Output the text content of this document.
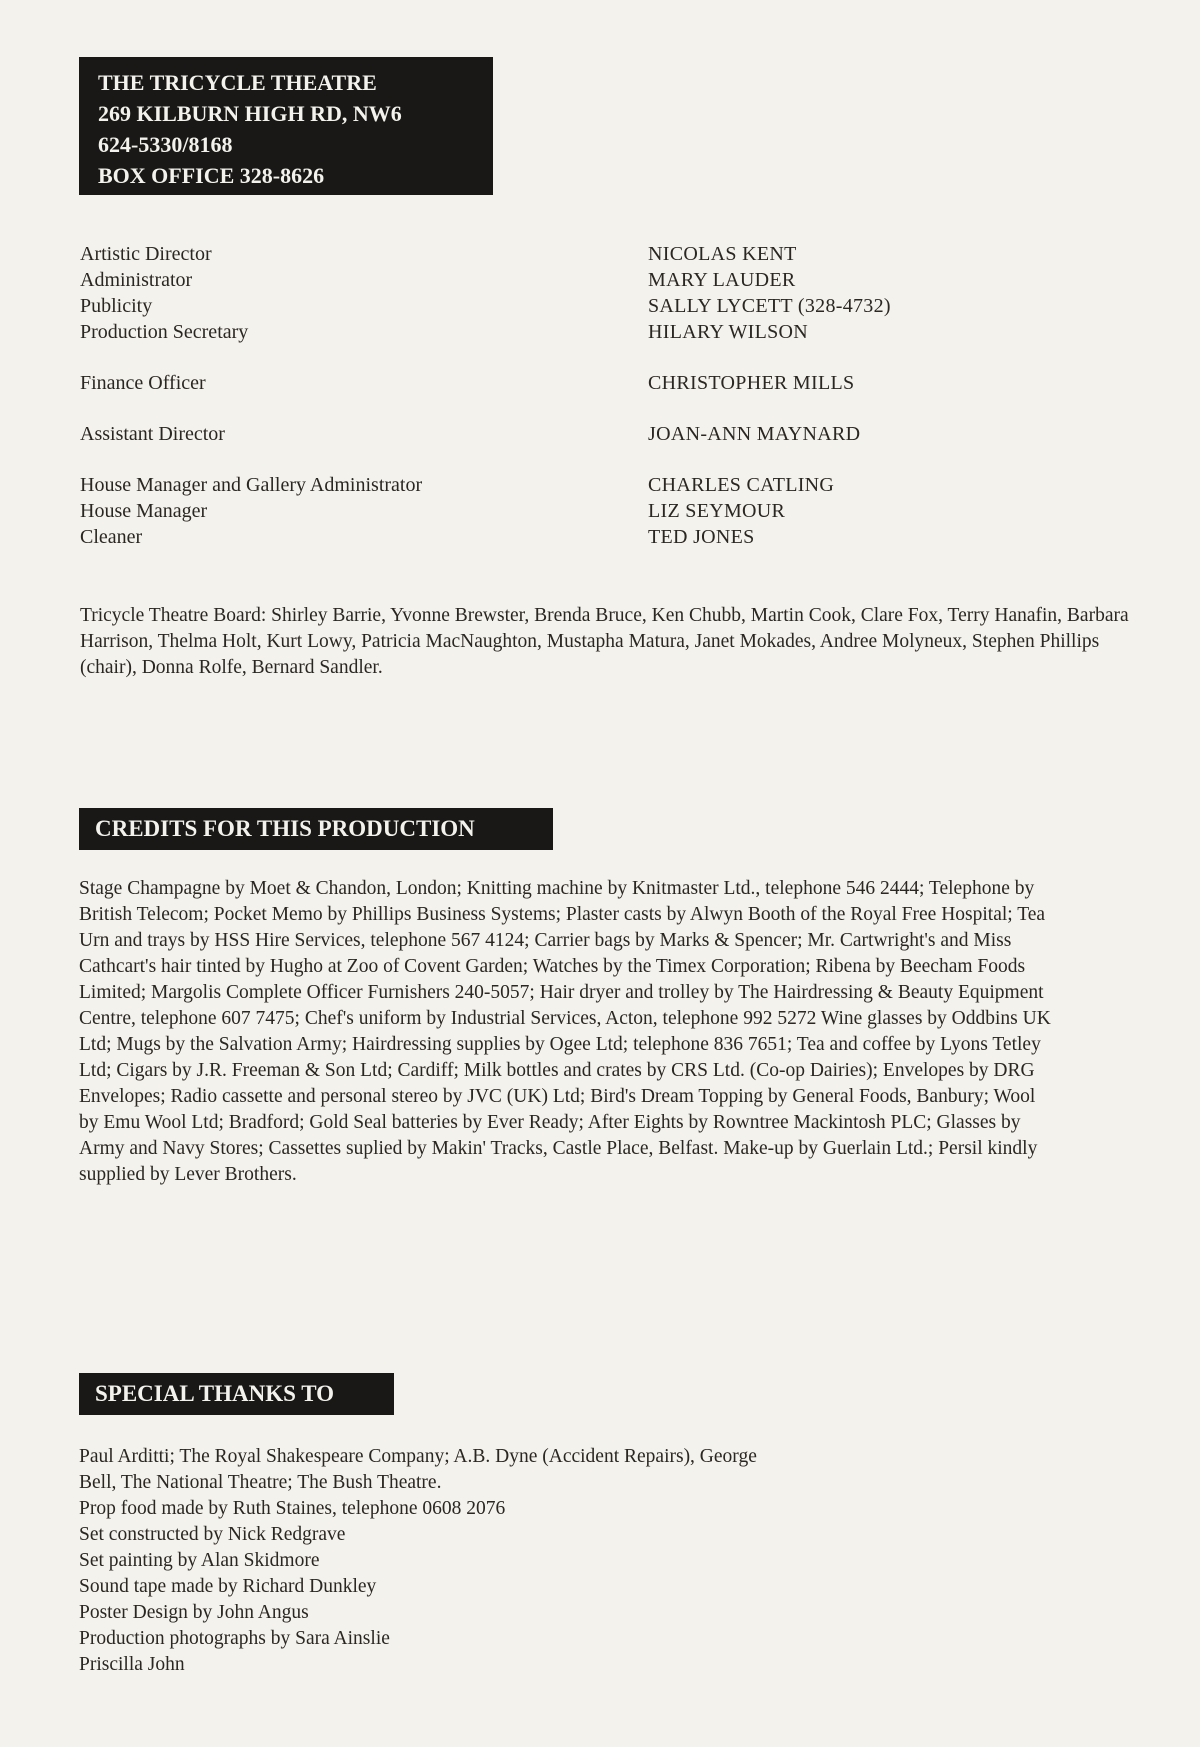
THE TRICYCLE THEATRE
269 KILBURN HIGH RD, NW6
624-5330/8168
BOX OFFICE 328-8626
Artistic Director	NICOLAS KENT
Administrator	MARY LAUDER
Publicity	SALLY LYCETT (328-4732)
Production Secretary	HILARY WILSON
Finance Officer	CHRISTOPHER MILLS
Assistant Director	JOAN-ANN MAYNARD
House Manager and Gallery Administrator	CHARLES CATLING
House Manager	LIZ SEYMOUR
Cleaner	TED JONES
Tricycle Theatre Board: Shirley Barrie, Yvonne Brewster, Brenda Bruce, Ken Chubb, Martin Cook, Clare Fox, Terry Hanafin, Barbara Harrison, Thelma Holt, Kurt Lowy, Patricia MacNaughton, Mustapha Matura, Janet Mokades, Andree Molyneux, Stephen Phillips (chair), Donna Rolfe, Bernard Sandler.
CREDITS FOR THIS PRODUCTION
Stage Champagne by Moet & Chandon, London; Knitting machine by Knitmaster Ltd., telephone 546 2444; Telephone by British Telecom; Pocket Memo by Phillips Business Systems; Plaster casts by Alwyn Booth of the Royal Free Hospital; Tea Urn and trays by HSS Hire Services, telephone 567 4124; Carrier bags by Marks & Spencer; Mr. Cartwright's and Miss Cathcart's hair tinted by Hugho at Zoo of Covent Garden; Watches by the Timex Corporation; Ribena by Beecham Foods Limited; Margolis Complete Officer Furnishers 240-5057; Hair dryer and trolley by The Hairdressing & Beauty Equipment Centre, telephone 607 7475; Chef's uniform by Industrial Services, Acton, telephone 992 5272 Wine glasses by Oddbins UK Ltd; Mugs by the Salvation Army; Hairdressing supplies by Ogee Ltd; telephone 836 7651; Tea and coffee by Lyons Tetley Ltd; Cigars by J.R. Freeman & Son Ltd; Cardiff; Milk bottles and crates by CRS Ltd. (Co-op Dairies); Envelopes by DRG Envelopes; Radio cassette and personal stereo by JVC (UK) Ltd; Bird's Dream Topping by General Foods, Banbury; Wool by Emu Wool Ltd; Bradford; Gold Seal batteries by Ever Ready; After Eights by Rowntree Mackintosh PLC; Glasses by Army and Navy Stores; Cassettes suplied by Makin' Tracks, Castle Place, Belfast. Make-up by Guerlain Ltd.; Persil kindly supplied by Lever Brothers.
SPECIAL THANKS TO
Paul Arditti; The Royal Shakespeare Company; A.B. Dyne (Accident Repairs), George
Bell, The National Theatre; The Bush Theatre.
Prop food made by Ruth Staines, telephone 0608 2076
Set constructed by Nick Redgrave
Set painting by Alan Skidmore
Sound tape made by Richard Dunkley
Poster Design by John Angus
Production photographs by Sara Ainslie
Priscilla John
